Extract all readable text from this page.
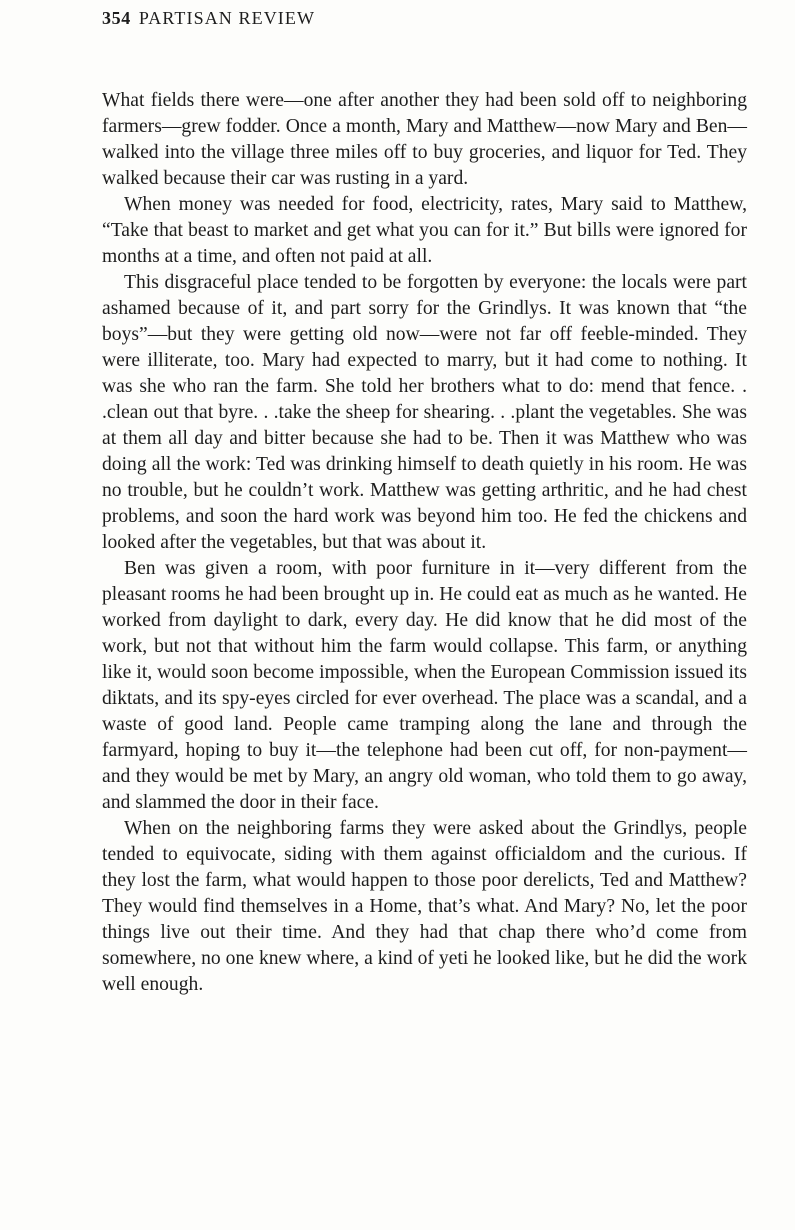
354 PARTISAN REVIEW

What fields there were—one after another they had been sold off to neighboring farmers—grew fodder. Once a month, Mary and Matthew—now Mary and Ben—walked into the village three miles off to buy groceries, and liquor for Ted. They walked because their car was rusting in a yard.

When money was needed for food, electricity, rates, Mary said to Matthew, “Take that beast to market and get what you can for it.” But bills were ignored for months at a time, and often not paid at all.

This disgraceful place tended to be forgotten by everyone: the locals were part ashamed because of it, and part sorry for the Grindlys. It was known that “the boys”—but they were getting old now—were not far off feeble-minded. They were illiterate, too. Mary had expected to marry, but it had come to nothing. It was she who ran the farm. She told her brothers what to do: mend that fence. . .clean out that byre. . .take the sheep for shearing. . .plant the vegetables. She was at them all day and bitter because she had to be. Then it was Matthew who was doing all the work: Ted was drinking himself to death quietly in his room. He was no trouble, but he couldn’t work. Matthew was getting arthritic, and he had chest problems, and soon the hard work was beyond him too. He fed the chickens and looked after the vegetables, but that was about it.

Ben was given a room, with poor furniture in it—very different from the pleasant rooms he had been brought up in. He could eat as much as he wanted. He worked from daylight to dark, every day. He did know that he did most of the work, but not that without him the farm would collapse. This farm, or anything like it, would soon become impossible, when the European Commission issued its diktats, and its spy-eyes circled for ever overhead. The place was a scandal, and a waste of good land. People came tramping along the lane and through the farmyard, hoping to buy it—the telephone had been cut off, for non-payment—and they would be met by Mary, an angry old woman, who told them to go away, and slammed the door in their face.

When on the neighboring farms they were asked about the Grindlys, people tended to equivocate, siding with them against officialdom and the curious. If they lost the farm, what would happen to those poor derelicts, Ted and Matthew? They would find themselves in a Home, that’s what. And Mary? No, let the poor things live out their time. And they had that chap there who’d come from somewhere, no one knew where, a kind of yeti he looked like, but he did the work well enough.
